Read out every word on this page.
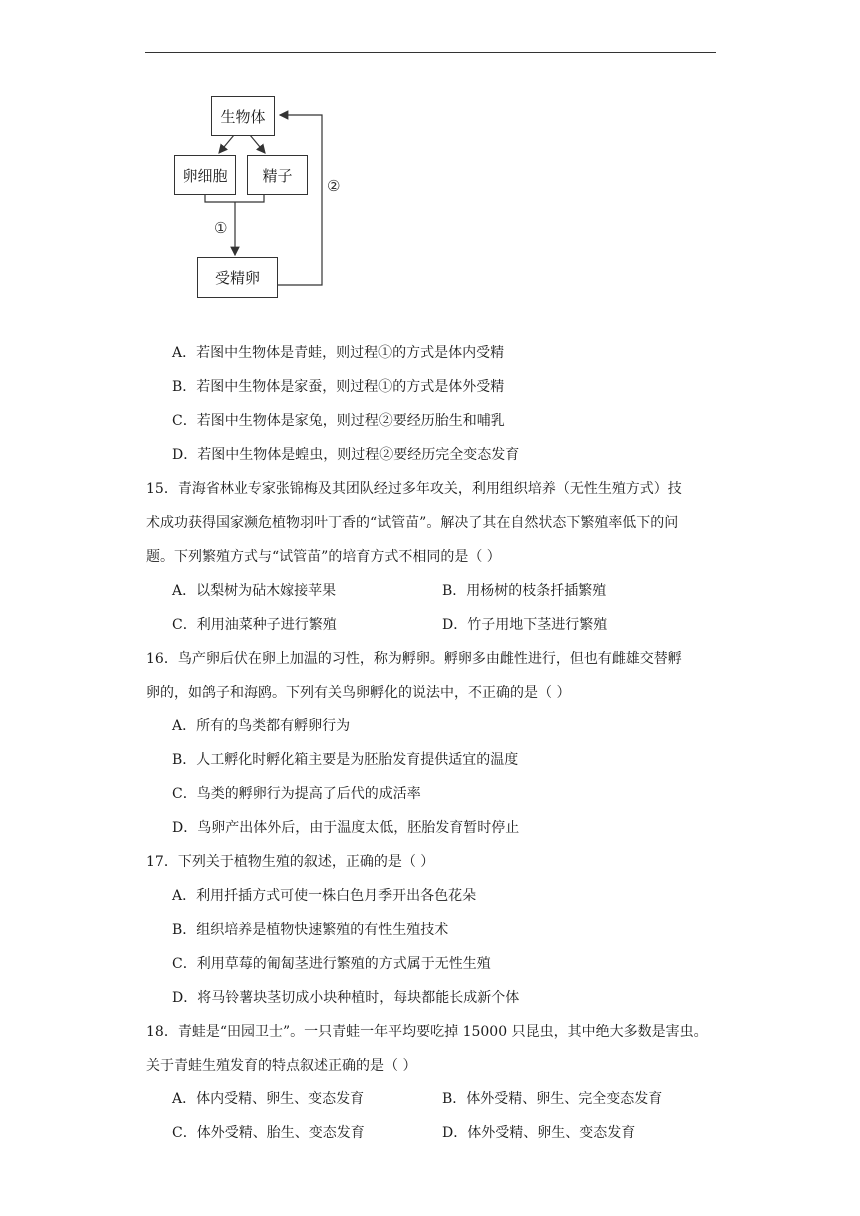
生物体
卵细胞	精子
受精卵
①
②
A．若图中生物体是青蛙，则过程①的方式是体内受精
B．若图中生物体是家蚕，则过程①的方式是体外受精
C．若图中生物体是家兔，则过程②要经历胎生和哺乳
D．若图中生物体是蝗虫，则过程②要经历完全变态发育
15．青海省林业专家张锦梅及其团队经过多年攻关，利用组织培养（无性生殖方式）技
术成功获得国家濒危植物羽叶丁香的“试管苗”。解决了其在自然状态下繁殖率低下的问
题。下列繁殖方式与“试管苗”的培育方式不相同的是（ ）
A．以梨树为砧木嫁接苹果	B．用杨树的枝条扦插繁殖
C．利用油菜种子进行繁殖	D．竹子用地下茎进行繁殖
16．鸟产卵后伏在卵上加温的习性，称为孵卵。孵卵多由雌性进行，但也有雌雄交替孵
卵的，如鸽子和海鸥。下列有关鸟卵孵化的说法中，不正确的是（ ）
A．所有的鸟类都有孵卵行为
B．人工孵化时孵化箱主要是为胚胎发育提供适宜的温度
C．鸟类的孵卵行为提高了后代的成活率
D．鸟卵产出体外后，由于温度太低，胚胎发育暂时停止
17．下列关于植物生殖的叙述，正确的是（ ）
A．利用扦插方式可使一株白色月季开出各色花朵
B．组织培养是植物快速繁殖的有性生殖技术
C．利用草莓的匍匐茎进行繁殖的方式属于无性生殖
D．将马铃薯块茎切成小块种植时，每块都能长成新个体
18．青蛙是“田园卫士”。一只青蛙一年平均要吃掉 15000 只昆虫，其中绝大多数是害虫。
关于青蛙生殖发育的特点叙述正确的是（ ）
A．体内受精、卵生、变态发育	B．体外受精、卵生、完全变态发育
C．体外受精、胎生、变态发育	D．体外受精、卵生、变态发育
